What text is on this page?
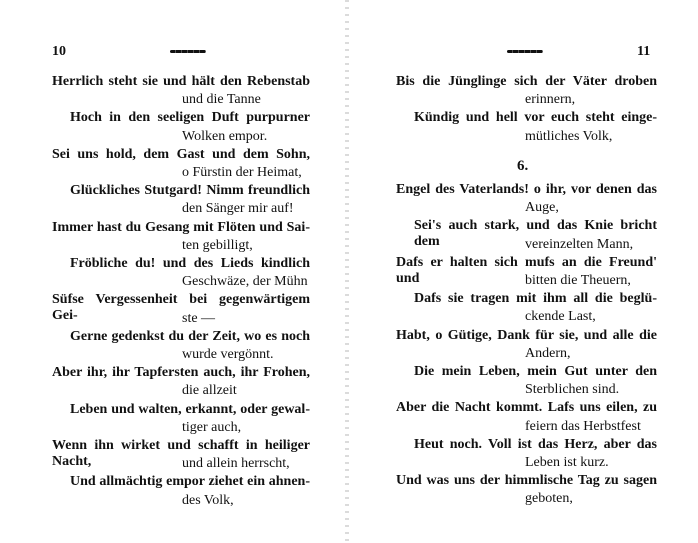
10
Herrlich steht sie und hält den Rebenstab
und die Tanne
Hoch in den seeligen Duft purpurner
Wolken empor.
Sei uns hold, dem Gast und dem Sohn,
o Fürstin der Heimat,
Glückliches Stutgard! Nimm freundlich
den Sänger mir auf!
Immer hast du Gesang mit Flöten und Sai-
ten gebilligt,
Fröbliche du! und des Lieds kindlich
Geschwäze, der Mühn
Süfse Vergessenheit bei gegenwärtigem Gei-	ste —
Gerne gedenkst du der Zeit, wo es noch
wurde vergönnt.
Aber ihr, ihr Tapfersten auch, ihr Frohen,
die allzeit
Leben und walten, erkannt, oder gewal-
tiger auch,
Wenn ihn wirket und schafft in heiliger Nacht,	und allein herrscht,
Und allmächtig empor ziehet ein ahnen-
des Volk,
11
Bis die Jünglinge sich der Väter droben
erinnern,
Kündig und hell vor euch steht einge-
mütliches Volk,
6.
Engel des Vaterlands! o ihr, vor denen das
Auge,
Sei's auch stark, und das Knie bricht dem	vereinzelten Mann,
Dafs er halten sich mufs an die Freund' und	bitten die Theuern,
Dafs sie tragen mit ihm all die beglü-
ckende Last,
Habt, o Gütige, Dank für sie, und alle die
Andern,
Die mein Leben, mein Gut unter den
Sterblichen sind.
Aber die Nacht kommt. Lafs uns eilen, zu
feiern das Herbstfest
Heut noch. Voll ist das Herz, aber das
Leben ist kurz.
Und was uns der himmlische Tag zu sagen
geboten,
